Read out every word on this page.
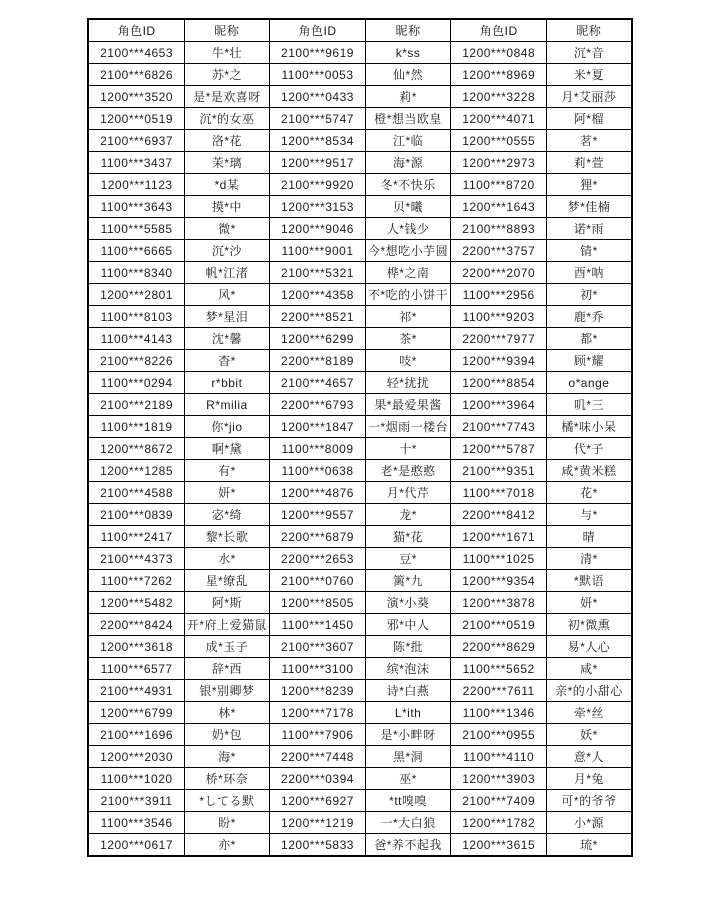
角色ID	昵称	角色ID	昵称	角色ID	昵称
2100***4653	牛*壮	2100***9619	k*ss	1200***0848	沉*音
2100***6826	苏*之	1100***0053	仙*然	1200***8969	米*夏
1200***3520	是*是欢喜呀	1200***0433	莉*	1200***3228	月*艾丽莎
1200***0519	沉*的女巫	2100***5747	橙*想当欧皇	1200***4071	阿*榴
2100***6937	洛*花	1200***8534	江*临	1200***0555	茗*
1100***3437	茉*璃	1200***9517	海*源	1200***2973	莉*萱
1200***1123	*d某	2100***9920	冬*不快乐	1100***8720	狸*
1100***3643	摸*中	1200***3153	贝*曦	1200***1643	梦*佳楠
1100***5585	微*	1200***9046	人*钱少	2100***8893	诺*雨
1100***6665	沉*沙	1100***9001	今*想吃小芋圆	2200***3757	锖*
1100***8340	帆*江渚	2100***5321	桦*之南	2200***2070	酉*呐
1200***2801	风*	1200***4358	不*吃的小饼干	1100***2956	初*
1100***8103	梦*星泪	2200***8521	祁*	1100***9203	鹿*乔
1100***4143	沈*馨	1200***6299	茶*	2200***7977	都*
2100***8226	杳*	2200***8189	吱*	1200***9394	顾*耀
1100***0294	r*bbit	2100***4657	轻*扰扰	1200***8854	o*ange
2100***2189	R*milia	2200***6793	果*最爱果酱	1200***3964	叽*三
1100***1819	你*jio	1200***1847	一*烟雨一楼台	2100***7743	橘*味小呆
1200***8672	啊*黛	1100***8009	十*	1200***5787	代*子
1200***1285	有*	1100***0638	老*是憨憨	2100***9351	咸*黄米糕
2100***4588	妍*	1200***4876	月*代芹	1100***7018	花*
2100***0839	宓*绮	1200***9557	龙*	2200***8412	与*
1100***2417	黎*长歌	2200***6879	猫*花	1200***1671	晴
2100***4373	水*	2200***2653	豆*	1100***1025	清*
1100***7262	星*缭乱	2100***0760	篱*九	1200***9354	*默语
1200***5482	阿*斯	1200***8505	演*小葵	1200***3878	妍*
2200***8424	开*府上爱猫鼠	1100***1450	邪*中人	2100***0519	初*微熏
1200***3618	成*玉子	2100***3607	陈*批	2200***8629	易*人心
1100***6577	辞*西	1100***3100	缤*泡沫	1100***5652	咸*
2100***4931	银*别卿梦	1200***8239	诗*白燕	2200***7611	亲*的小甜心
1200***6799	林*	1200***7178	L*ith	1100***1346	牵*丝
2100***1696	奶*包	1100***7906	是*小畔呀	2100***0955	妖*
1200***2030	海*	2200***7448	黑*洞	1100***4110	意*人
1100***1020	桥*环奈	2200***0394	巫*	1200***3903	月*兔
2100***3911	*してる默	1200***6927	*tt嗅嗅	2100***7409	可*的爷爷
1100***3546	盼*	1200***1219	一*大白狼	1200***1782	小*源
1200***0617	亦*	1200***5833	爸*养不起我	1200***3615	琉*
